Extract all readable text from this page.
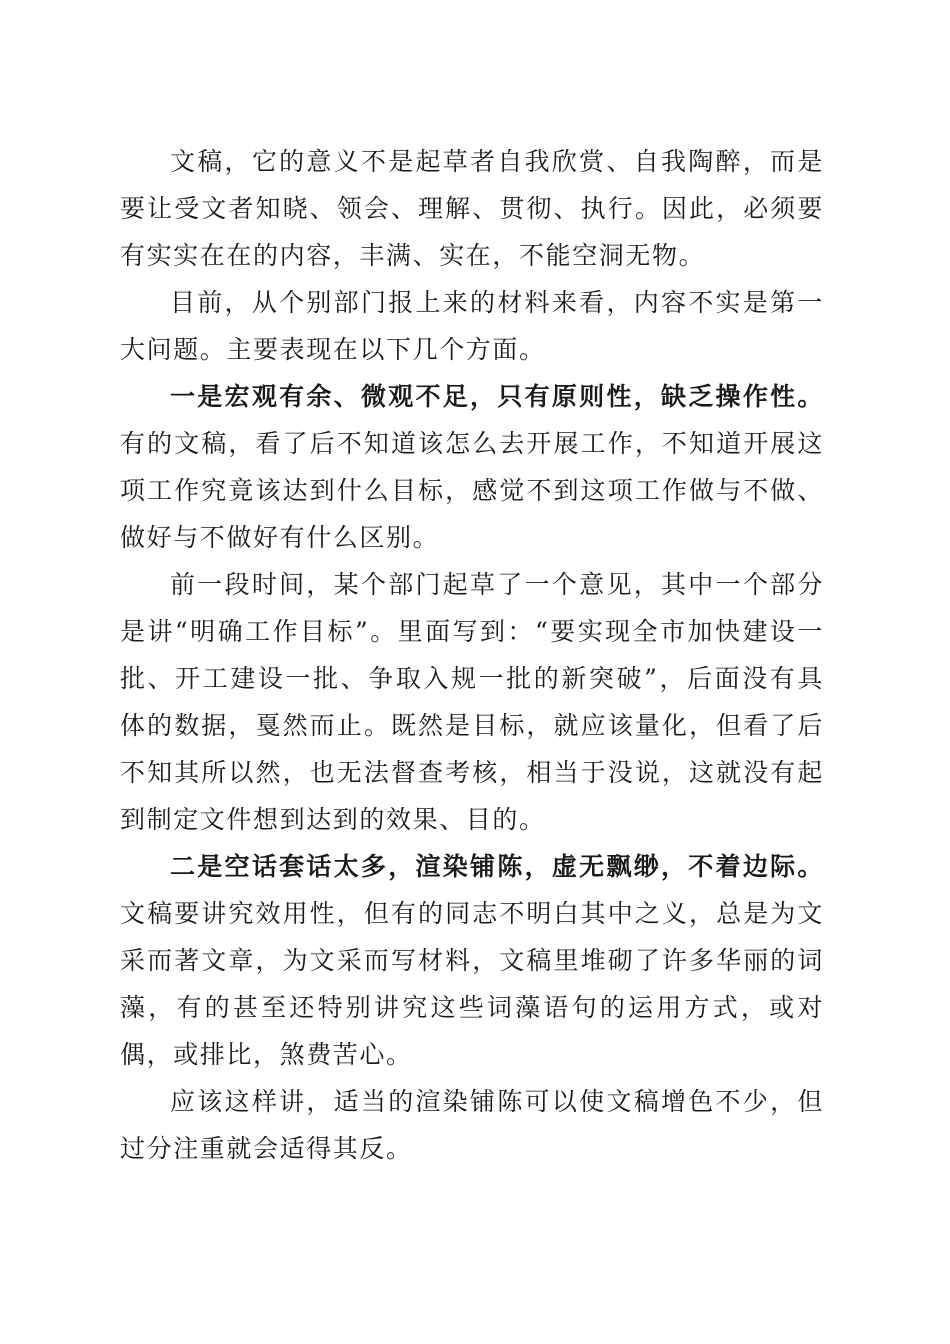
文稿，它的意义不是起草者自我欣赏、自我陶醉，而是要让受文者知晓、领会、理解、贯彻、执行。因此，必须要有实实在在的内容，丰满、实在，不能空洞无物。

目前，从个别部门报上来的材料来看，内容不实是第一大问题。主要表现在以下几个方面。

一是宏观有余、微观不足，只有原则性，缺乏操作性。有的文稿，看了后不知道该怎么去开展工作，不知道开展这项工作究竟该达到什么目标，感觉不到这项工作做与不做、做好与不做好有什么区别。

前一段时间，某个部门起草了一个意见，其中一个部分是讲“明确工作目标”。里面写到：“要实现全市加快建设一批、开工建设一批、争取入规一批的新突破”，后面没有具体的数据，戛然而止。既然是目标，就应该量化，但看了后不知其所以然，也无法督查考核，相当于没说，这就没有起到制定文件想到达到的效果、目的。

二是空话套话太多，渲染铺陈，虚无飘缈，不着边际。文稿要讲究效用性，但有的同志不明白其中之义，总是为文采而著文章，为文采而写材料，文稿里堆砌了许多华丽的词藻，有的甚至还特别讲究这些词藻语句的运用方式，或对偶，或排比，煞费苦心。

应该这样讲，适当的渲染铺陈可以使文稿增色不少，但过分注重就会适得其反。
